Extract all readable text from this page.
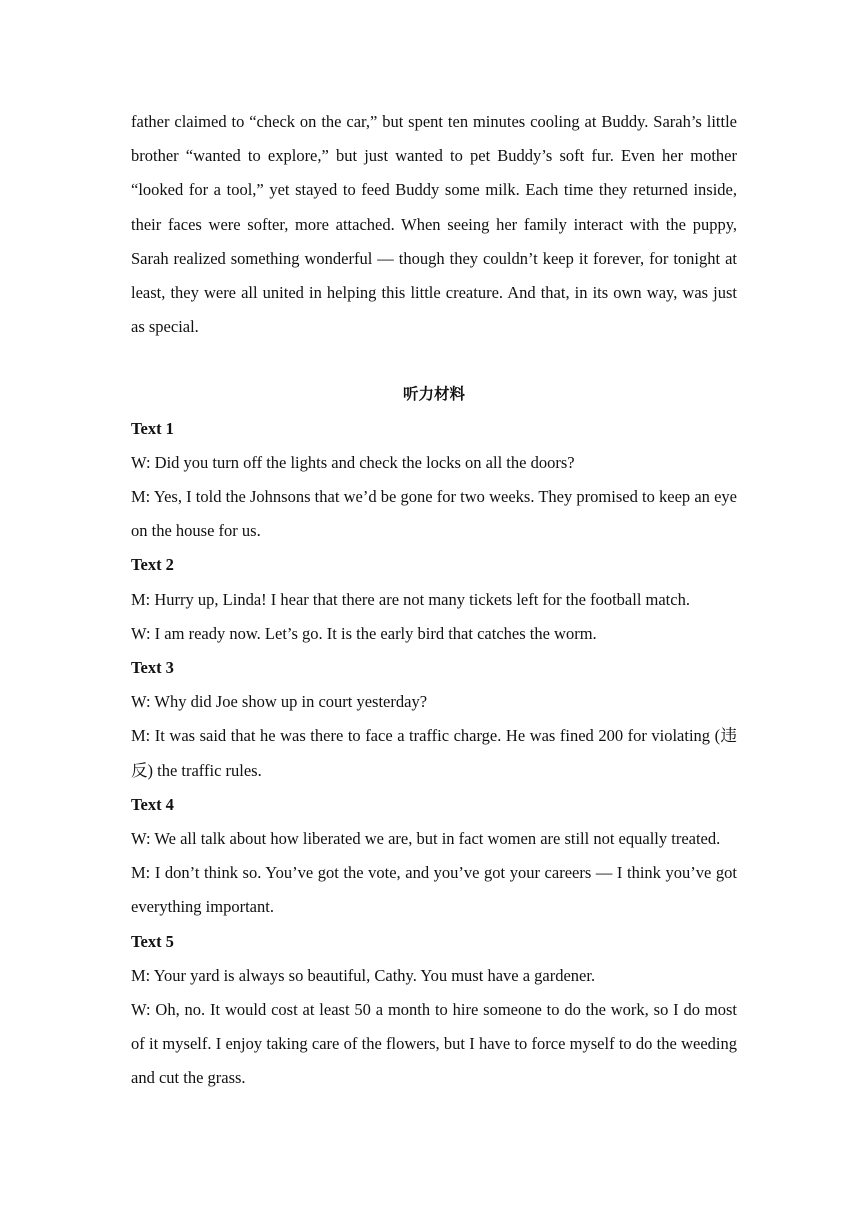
father claimed to “check on the car,” but spent ten minutes cooling at Buddy. Sarah’s little brother “wanted to explore,” but just wanted to pet Buddy’s soft fur. Even her mother “looked for a tool,” yet stayed to feed Buddy some milk. Each time they returned inside, their faces were softer, more attached. When seeing her family interact with the puppy, Sarah realized something wonderful — though they couldn’t keep it forever, for tonight at least, they were all united in helping this little creature. And that, in its own way, was just as special.

听力材料
Text 1

W: Did you turn off the lights and check the locks on all the doors?

M: Yes, I told the Johnsons that we’d be gone for two weeks. They promised to keep an eye on the house for us.

Text 2

M: Hurry up, Linda! I hear that there are not many tickets left for the football match.

W: I am ready now. Let’s go. It is the early bird that catches the worm.

Text 3

W: Why did Joe show up in court yesterday?

M: It was said that he was there to face a traffic charge. He was fined 200 for violating (违反) the traffic rules.

Text 4

W: We all talk about how liberated we are, but in fact women are still not equally treated.

M: I don’t think so. You’ve got the vote, and you’ve got your careers — I think you’ve got everything important.

Text 5

M: Your yard is always so beautiful, Cathy. You must have a gardener.

W: Oh, no. It would cost at least 50 a month to hire someone to do the work, so I do most of it myself. I enjoy taking care of the flowers, but I have to force myself to do the weeding and cut the grass.
